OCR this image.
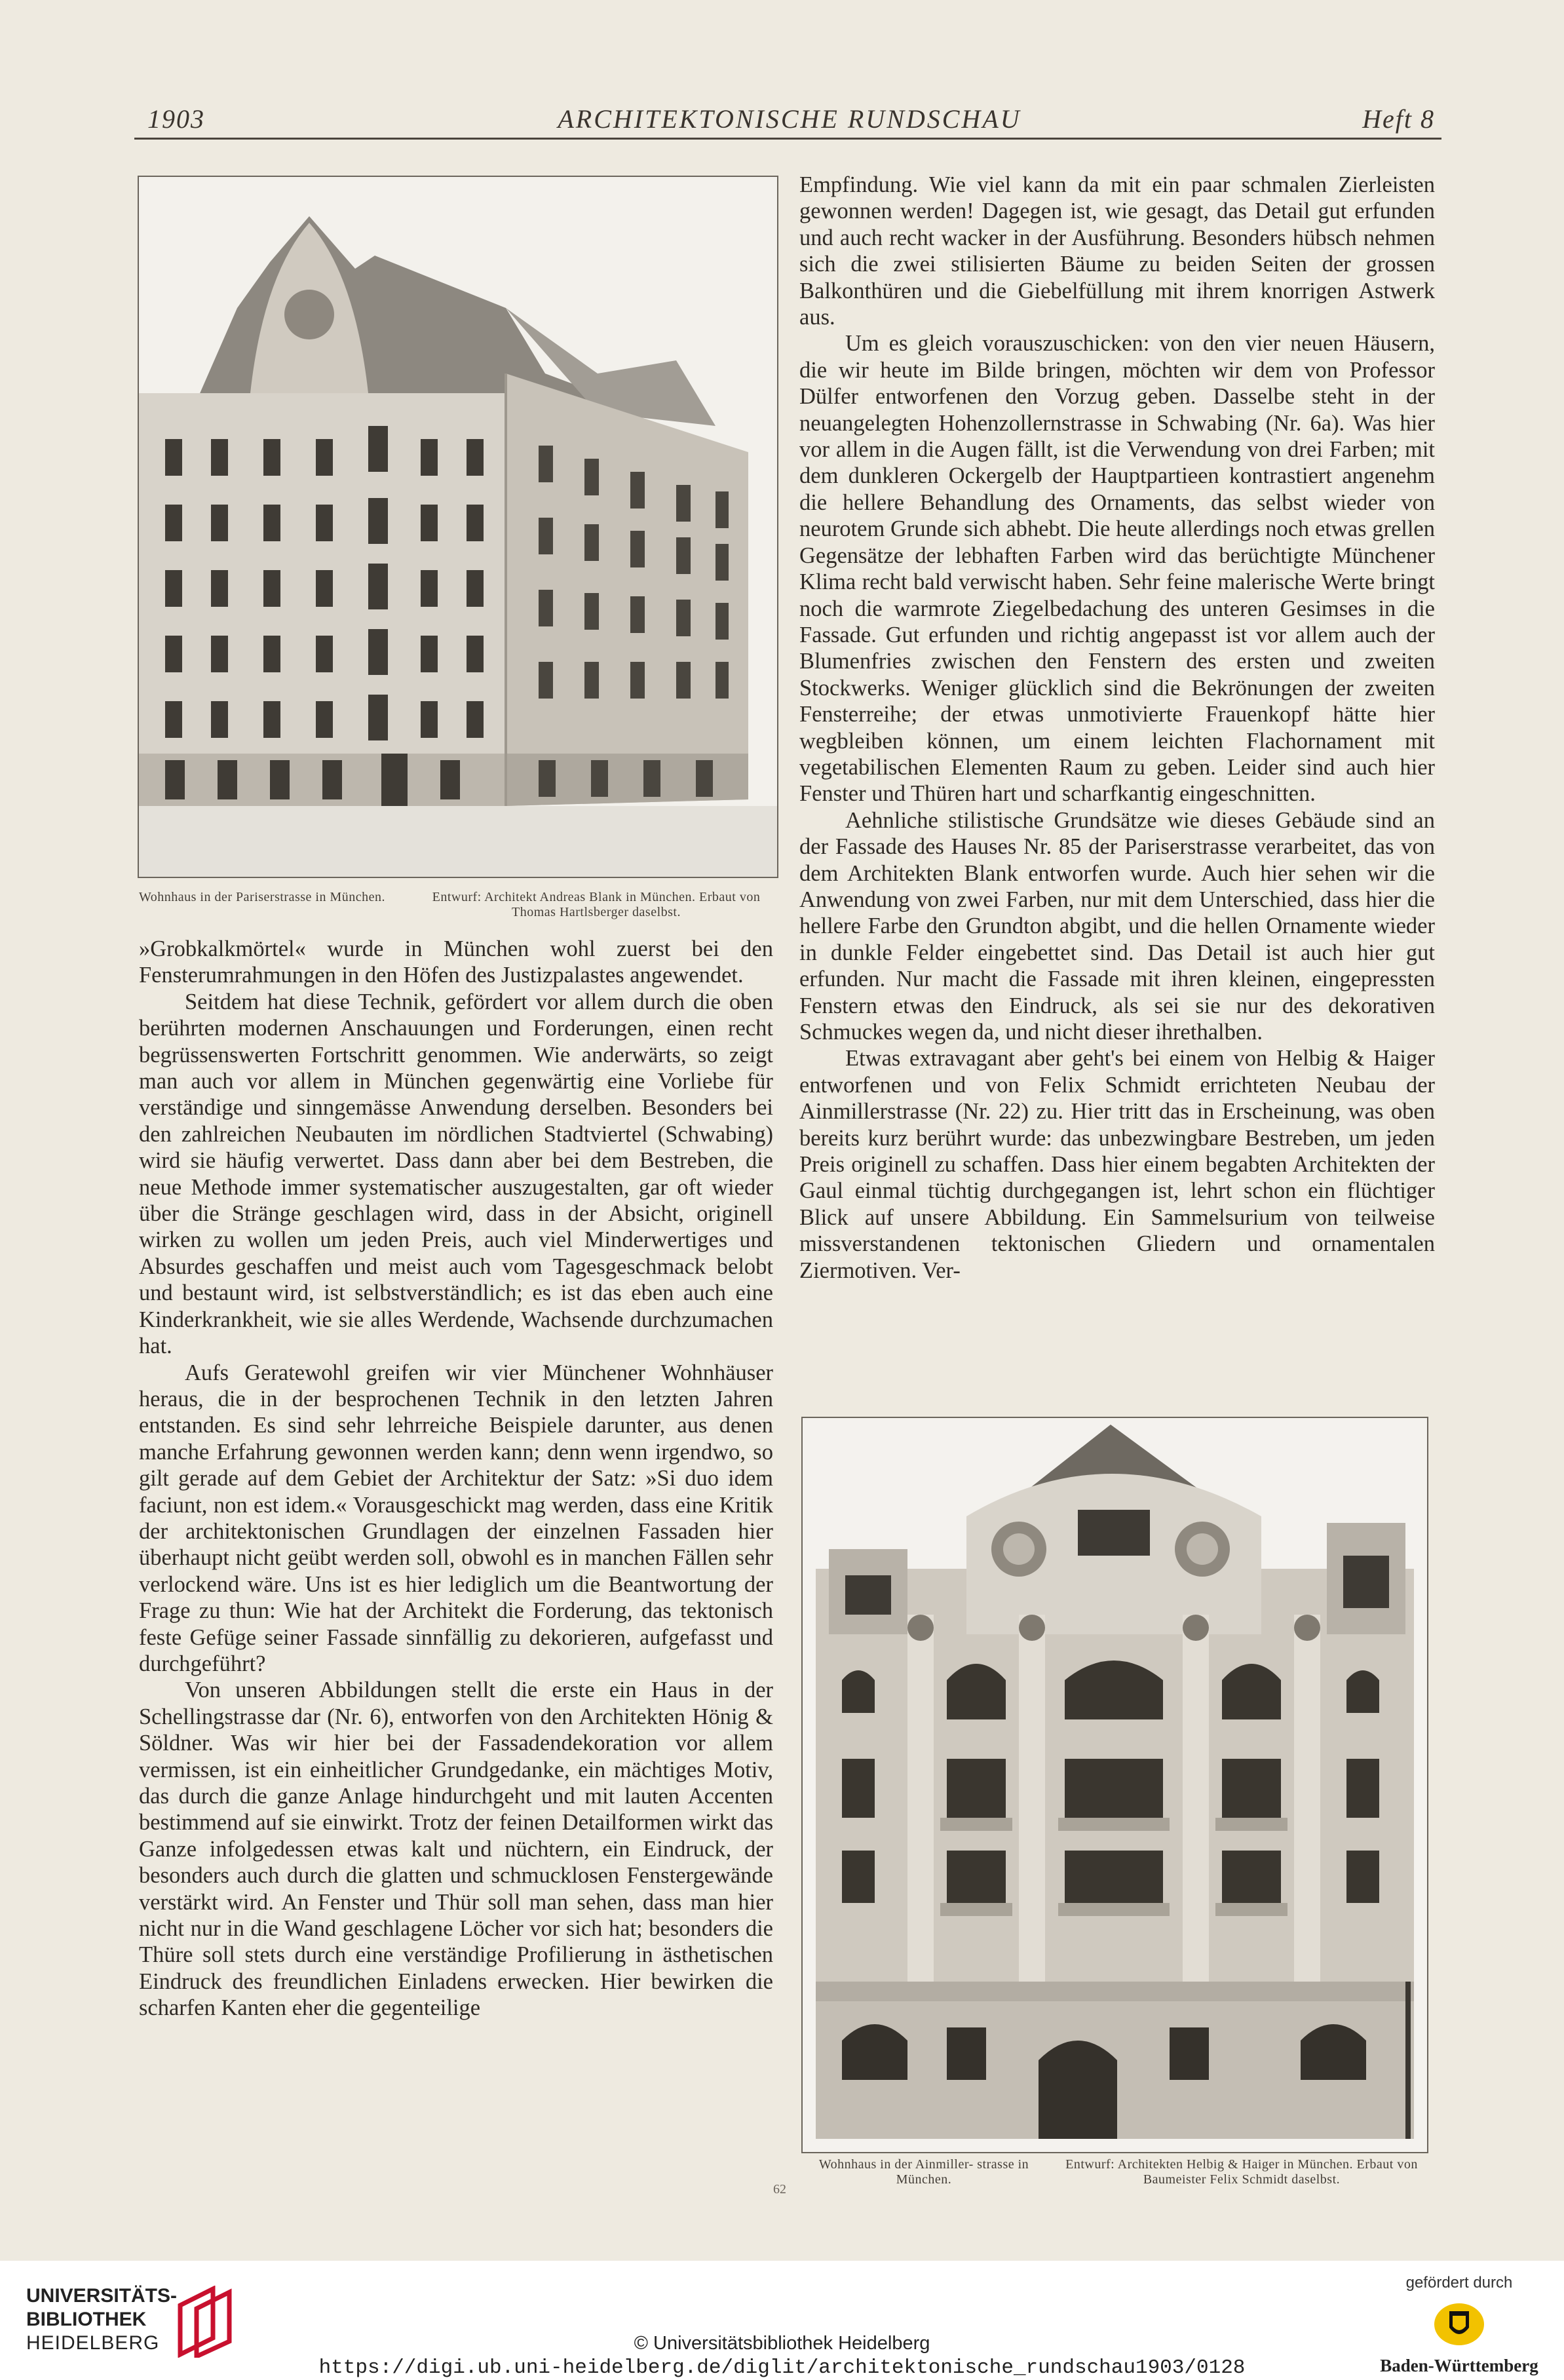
1903	ARCHITEKTONISCHE RUNDSCHAU	Heft 8
Wohnhaus in der Pariserstrasse in München.	Entwurf: Architekt Andreas Blank in München. Erbaut von Thomas Hartlsberger daselbst.

»Grobkalkmörtel« wurde in München wohl zuerst bei den Fensterumrahmungen in den Höfen des Justizpalastes angewendet.

Seitdem hat diese Technik, gefördert vor allem durch die oben berührten modernen Anschauungen und Forderungen, einen recht begrüssenswerten Fortschritt genommen. Wie anderwärts, so zeigt man auch vor allem in München gegenwärtig eine Vorliebe für verständige und sinngemässe Anwendung derselben. Besonders bei den zahlreichen Neubauten im nördlichen Stadtviertel (Schwabing) wird sie häufig verwertet. Dass dann aber bei dem Bestreben, die neue Methode immer systematischer auszugestalten, gar oft wieder über die Stränge geschlagen wird, dass in der Absicht, originell wirken zu wollen um jeden Preis, auch viel Minderwertiges und Absurdes geschaffen und meist auch vom Tagesgeschmack belobt und bestaunt wird, ist selbstverständlich; es ist das eben auch eine Kinderkrankheit, wie sie alles Werdende, Wachsende durchzumachen hat.

Aufs Geratewohl greifen wir vier Münchener Wohnhäuser heraus, die in der besprochenen Technik in den letzten Jahren entstanden. Es sind sehr lehrreiche Beispiele darunter, aus denen manche Erfahrung gewonnen werden kann; denn wenn irgendwo, so gilt gerade auf dem Gebiet der Architektur der Satz: »Si duo idem faciunt, non est idem.« Vorausgeschickt mag werden, dass eine Kritik der architektonischen Grundlagen der einzelnen Fassaden hier überhaupt nicht geübt werden soll, obwohl es in manchen Fällen sehr verlockend wäre. Uns ist es hier lediglich um die Beantwortung der Frage zu thun: Wie hat der Architekt die Forderung, das tektonisch feste Gefüge seiner Fassade sinnfällig zu dekorieren, aufgefasst und durchgeführt?

Von unseren Abbildungen stellt die erste ein Haus in der Schellingstrasse dar (Nr. 6), entworfen von den Architekten Hönig & Söldner. Was wir hier bei der Fassadendekoration vor allem vermissen, ist ein einheitlicher Grundgedanke, ein mächtiges Motiv, das durch die ganze Anlage hindurchgeht und mit lauten Accenten bestimmend auf sie einwirkt. Trotz der feinen Detailformen wirkt das Ganze infolgedessen etwas kalt und nüchtern, ein Eindruck, der besonders auch durch die glatten und schmucklosen Fenstergewände verstärkt wird. An Fenster und Thür soll man sehen, dass man hier nicht nur in die Wand geschlagene Löcher vor sich hat; besonders die Thüre soll stets durch eine verständige Profilierung in ästhetischen Eindruck des freundlichen Einladens erwecken. Hier bewirken die scharfen Kanten eher die gegenteilige

Empfindung. Wie viel kann da mit ein paar schmalen Zierleisten gewonnen werden! Dagegen ist, wie gesagt, das Detail gut erfunden und auch recht wacker in der Ausführung. Besonders hübsch nehmen sich die zwei stilisierten Bäume zu beiden Seiten der grossen Balkonthüren und die Giebelfüllung mit ihrem knorrigen Astwerk aus.

Um es gleich vorauszuschicken: von den vier neuen Häusern, die wir heute im Bilde bringen, möchten wir dem von Professor Dülfer entworfenen den Vorzug geben. Dasselbe steht in der neuangelegten Hohenzollernstrasse in Schwabing (Nr. 6a). Was hier vor allem in die Augen fällt, ist die Verwendung von drei Farben; mit dem dunkleren Ockergelb der Hauptpartieen kontrastiert angenehm die hellere Behandlung des Ornaments, das selbst wieder von neurotem Grunde sich abhebt. Die heute allerdings noch etwas grellen Gegensätze der lebhaften Farben wird das berüchtigte Münchener Klima recht bald verwischt haben. Sehr feine malerische Werte bringt noch die warmrote Ziegelbedachung des unteren Gesimses in die Fassade. Gut erfunden und richtig angepasst ist vor allem auch der Blumenfries zwischen den Fenstern des ersten und zweiten Stockwerks. Weniger glücklich sind die Bekrönungen der zweiten Fensterreihe; der etwas unmotivierte Frauenkopf hätte hier wegbleiben können, um einem leichten Flachornament mit vegetabilischen Elementen Raum zu geben. Leider sind auch hier Fenster und Thüren hart und scharfkantig eingeschnitten.

Aehnliche stilistische Grundsätze wie dieses Gebäude sind an der Fassade des Hauses Nr. 85 der Pariserstrasse verarbeitet, das von dem Architekten Blank entworfen wurde. Auch hier sehen wir die Anwendung von zwei Farben, nur mit dem Unterschied, dass hier die hellere Farbe den Grundton abgibt, und die hellen Ornamente wieder in dunkle Felder eingebettet sind. Das Detail ist auch hier gut erfunden. Nur macht die Fassade mit ihren kleinen, eingepressten Fenstern etwas den Eindruck, als sei sie nur des dekorativen Schmuckes wegen da, und nicht dieser ihrethalben.

Etwas extravagant aber geht's bei einem von Helbig & Haiger entworfenen und von Felix Schmidt errichteten Neubau der Ainmillerstrasse (Nr. 22) zu. Hier tritt das in Erscheinung, was oben bereits kurz berührt wurde: das unbezwingbare Bestreben, um jeden Preis originell zu schaffen. Dass hier einem begabten Architekten der Gaul einmal tüchtig durchgegangen ist, lehrt schon ein flüchtiger Blick auf unsere Abbildung. Ein Sammelsurium von teilweise missverstandenen tektonischen Gliedern und ornamentalen Ziermotiven. Ver-

Wohnhaus in der Ainmiller- strasse in München.
Entwurf: Architekten Helbig & Haiger in München. Erbaut von Baumeister Felix Schmidt daselbst.
62
UNIVERSITÄTS-
BIBLIOTHEK
HEIDELBERG	© Universitätsbibliothek Heidelberg
https://digi.ub.uni-heidelberg.de/diglit/architektonische_rundschau1903/0128
gefördert durch
Baden-Württemberg
